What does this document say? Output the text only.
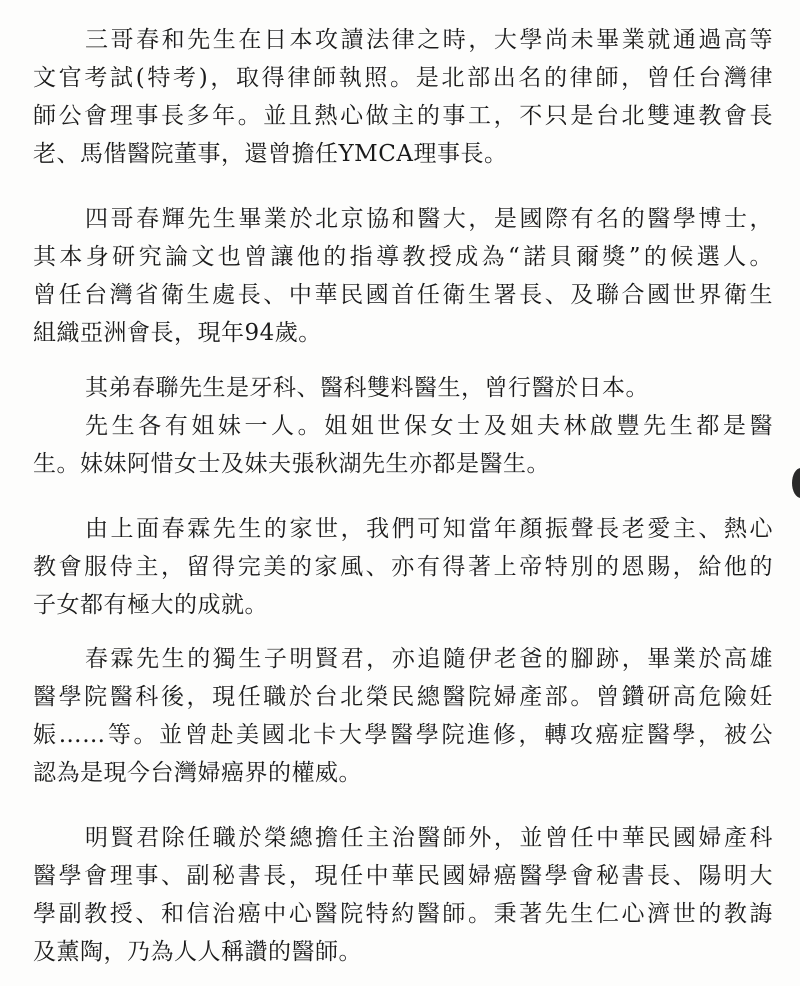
三哥春和先生在日本攻讀法律之時，大學尚未畢業就通過高等
文官考試(特考)，取得律師執照。是北部出名的律師，曾任台灣律
師公會理事長多年。並且熱心做主的事工，不只是台北雙連教會長
老、馬偕醫院董事，還曾擔任YMCA理事長。
四哥春輝先生畢業於北京協和醫大，是國際有名的醫學博士，
其本身研究論文也曾讓他的指導教授成為“諾貝爾獎”的候選人。
曾任台灣省衛生處長、中華民國首任衛生署長、及聯合國世界衛生
組織亞洲會長，現年94歲。
其弟春聯先生是牙科、醫科雙料醫生，曾行醫於日本。
先生各有姐妹一人。姐姐世保女士及姐夫林啟豐先生都是醫
生。妹妹阿惜女士及妹夫張秋湖先生亦都是醫生。
由上面春霖先生的家世，我們可知當年顏振聲長老愛主、熱心
教會服侍主，留得完美的家風、亦有得著上帝特別的恩賜，給他的
子女都有極大的成就。
春霖先生的獨生子明賢君，亦追隨伊老爸的腳跡，畢業於高雄
醫學院醫科後，現任職於台北榮民總醫院婦產部。曾鑽研高危險妊
娠……等。並曾赴美國北卡大學醫學院進修，轉攻癌症醫學，被公
認為是現今台灣婦癌界的權威。
明賢君除任職於榮總擔任主治醫師外，並曾任中華民國婦產科
醫學會理事、副秘書長，現任中華民國婦癌醫學會秘書長、陽明大
學副教授、和信治癌中心醫院特約醫師。秉著先生仁心濟世的教誨
及薰陶，乃為人人稱讚的醫師。
